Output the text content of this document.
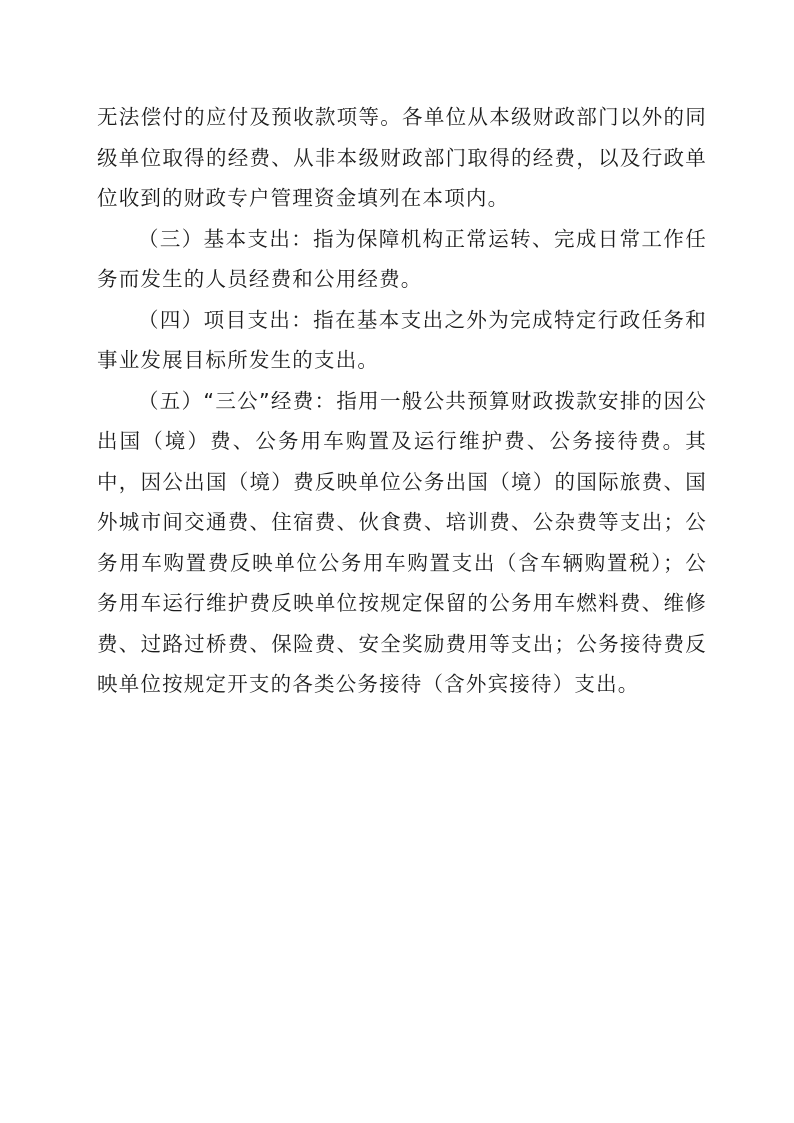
无法偿付的应付及预收款项等。各单位从本级财政部门以外的同级单位取得的经费、从非本级财政部门取得的经费，以及行政单位收到的财政专户管理资金填列在本项内。

（三）基本支出：指为保障机构正常运转、完成日常工作任务而发生的人员经费和公用经费。

（四）项目支出：指在基本支出之外为完成特定行政任务和事业发展目标所发生的支出。

（五）“三公”经费：指用一般公共预算财政拨款安排的因公出国（境）费、公务用车购置及运行维护费、公务接待费。其中，因公出国（境）费反映单位公务出国（境）的国际旅费、国外城市间交通费、住宿费、伙食费、培训费、公杂费等支出；公务用车购置费反映单位公务用车购置支出（含车辆购置税）；公务用车运行维护费反映单位按规定保留的公务用车燃料费、维修费、过路过桥费、保险费、安全奖励费用等支出；公务接待费反映单位按规定开支的各类公务接待（含外宾接待）支出。
